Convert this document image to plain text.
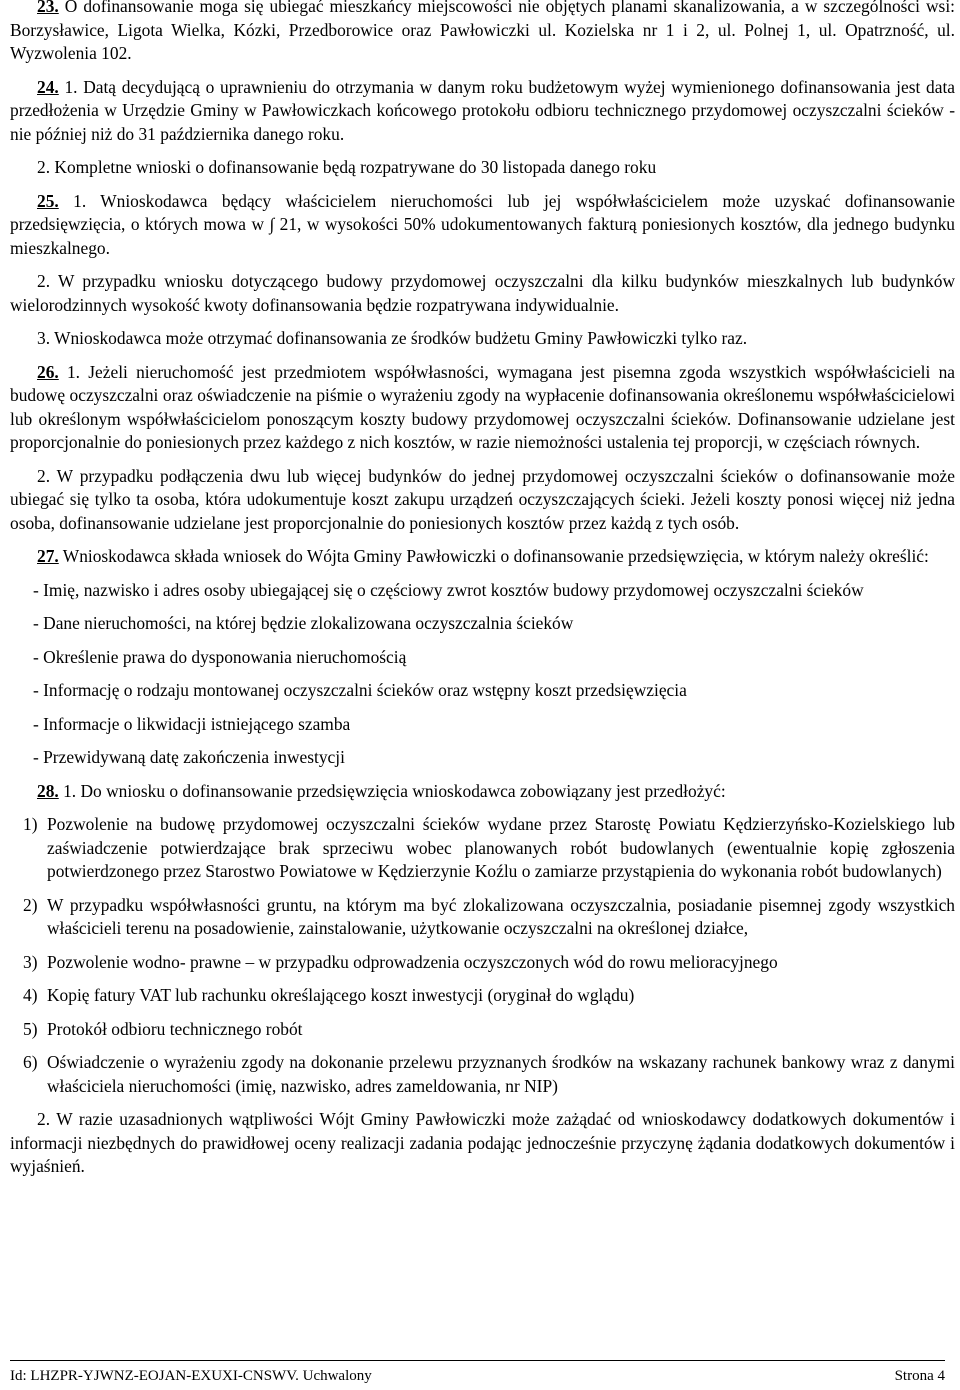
23. O dofinansowanie moga się ubiegać mieszkańcy miejscowości nie objętych planami skanalizowania, a w szczególności wsi: Borzysławice, Ligota Wielka, Kózki, Przedborowice oraz Pawłowiczki ul. Kozielska nr 1 i 2, ul. Polnej 1, ul. Opatrzność, ul. Wyzwolenia 102.

24. 1. Datą decydującą o uprawnieniu do otrzymania w danym roku budżetowym wyżej wymienionego dofinansowania jest data przedłożenia w Urzędzie Gminy w Pawłowiczkach końcowego protokołu odbioru technicznego przydomowej oczyszczalni ścieków - nie później niż do 31 października danego roku.

2. Kompletne wnioski o dofinansowanie będą rozpatrywane do 30 listopada danego roku

25. 1. Wnioskodawca będący właścicielem nieruchomości lub jej współwłaścicielem może uzyskać dofinansowanie przedsięwzięcia, o których mowa w ∫ 21, w wysokości 50% udokumentowanych fakturą poniesionych kosztów, dla jednego budynku mieszkalnego.

2. W przypadku wniosku dotyczącego budowy przydomowej oczyszczalni dla kilku budynków mieszkalnych lub budynków wielorodzinnych wysokość kwoty dofinansowania będzie rozpatrywana indywidualnie.

3. Wnioskodawca może otrzymać dofinansowania ze środków budżetu Gminy Pawłowiczki tylko raz.

26. 1. Jeżeli nieruchomość jest przedmiotem współwłasności, wymagana jest pisemna zgoda wszystkich współwłaścicieli na budowę oczyszczalni oraz oświadczenie na piśmie o wyrażeniu zgody na wypłacenie dofinansowania określonemu współwłaścicielowi lub określonym współwłaścicielom ponoszącym koszty budowy przydomowej oczyszczalni ścieków. Dofinansowanie udzielane jest proporcjonalnie do poniesionych przez każdego z nich kosztów, w razie niemożności ustalenia tej proporcji, w częściach równych.

2. W przypadku podłączenia dwu lub więcej budynków do jednej przydomowej oczyszczalni ścieków o dofinansowanie może ubiegać się tylko ta osoba, która udokumentuje koszt zakupu urządzeń oczyszczających ścieki. Jeżeli koszty ponosi więcej niż jedna osoba, dofinansowanie udzielane jest proporcjonalnie do poniesionych kosztów przez każdą z tych osób.

27. Wnioskodawca składa wniosek do Wójta Gminy Pawłowiczki o dofinansowanie przedsięwzięcia, w którym należy określić:

- Imię, nazwisko i adres osoby ubiegającej się o częściowy zwrot kosztów budowy przydomowej oczyszczalni ścieków
- Dane nieruchomości, na której będzie zlokalizowana oczyszczalnia ścieków
- Określenie prawa do dysponowania nieruchomością
- Informację o rodzaju montowanej oczyszczalni ścieków oraz wstępny koszt przedsięwzięcia
- Informacje o likwidacji istniejącego szamba
- Przewidywaną datę zakończenia inwestycji

28. 1. Do wniosku o dofinansowanie przedsięwzięcia wnioskodawca zobowiązany jest przedłożyć:

1) Pozwolenie na budowę przydomowej oczyszczalni ścieków wydane przez Starostę Powiatu Kędzierzyńsko-Kozielskiego lub zaświadczenie potwierdzające brak sprzeciwu wobec planowanych robót budowlanych (ewentualnie kopię zgłoszenia potwierdzonego przez Starostwo Powiatowe w Kędzierzynie Koźlu o zamiarze przystąpienia do wykonania robót budowlanych)
2) W przypadku współwłasności gruntu, na którym ma być zlokalizowana oczyszczalnia, posiadanie pisemnej zgody wszystkich właścicieli terenu na posadowienie, zainstalowanie, użytkowanie oczyszczalni na określonej działce,
3) Pozwolenie wodno- prawne – w przypadku odprowadzenia oczyszczonych wód do rowu melioracyjnego
4) Kopię fatury VAT lub rachunku określającego koszt inwestycji (oryginał do wglądu)
5) Protokół odbioru technicznego robót
6) Oświadczenie o wyrażeniu zgody na dokonanie przelewu przyznanych środków na wskazany rachunek bankowy wraz z danymi właściciela nieruchomości (imię, nazwisko, adres zameldowania, nr NIP)

2. W razie uzasadnionych wątpliwości Wójt Gminy Pawłowiczki może zażądać od wnioskodawcy dodatkowych dokumentów i informacji niezbędnych do prawidłowej oceny realizacji zadania podając jednocześnie przyczynę żądania dodatkowych dokumentów i wyjaśnień.

Id: LHZPR-YJWNZ-EOJAN-EXUXI-CNSWV. Uchwalony	Strona 4
